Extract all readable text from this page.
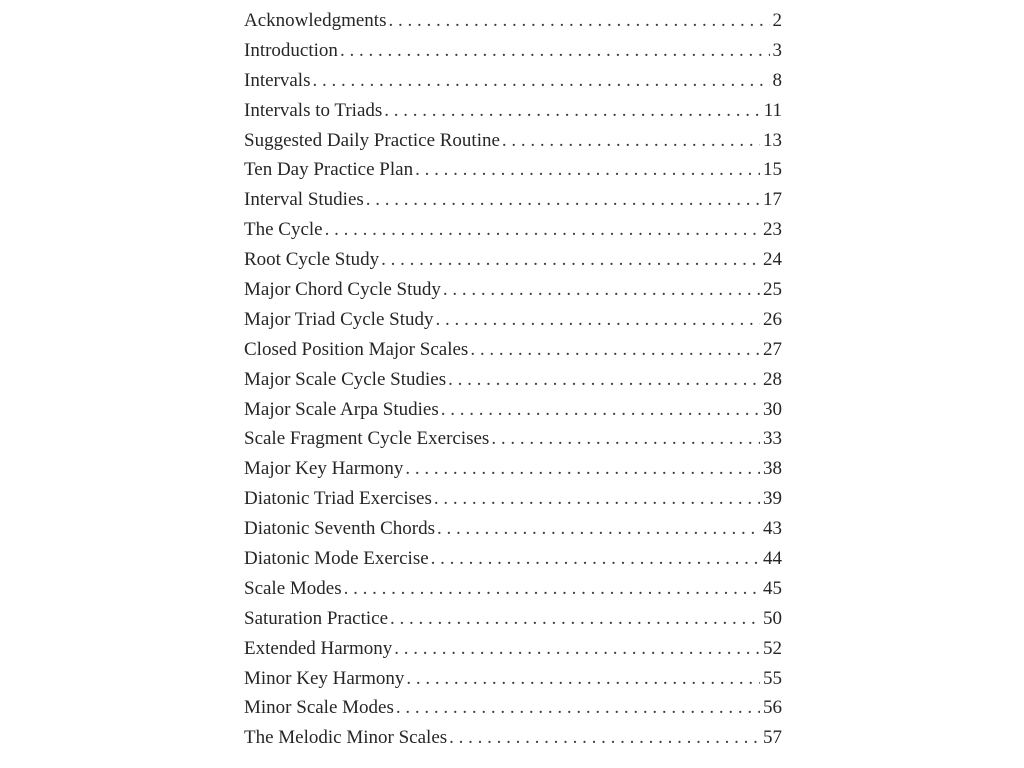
Acknowledgments . . .	2
Introduction . . .	3
Intervals . . .	8
Intervals to Triads . . .	11
Suggested Daily Practice Routine . . .	13
Ten Day Practice Plan . . .	15
Interval Studies . . .	17
The Cycle . . .	23
Root Cycle Study . . .	24
Major Chord Cycle Study . . .	25
Major Triad Cycle Study . . .	26
Closed Position Major Scales . . .	27
Major Scale Cycle Studies . . .	28
Major Scale Arpa Studies . . .	30
Scale Fragment Cycle Exercises . . .	33
Major Key Harmony . . .	38
Diatonic Triad Exercises . . .	39
Diatonic Seventh Chords . . .	43
Diatonic Mode Exercise . . .	44
Scale Modes . . .	45
Saturation Practice . . .	50
Extended Harmony . . .	52
Minor Key Harmony . . .	55
Minor Scale Modes . . .	56
The Melodic Minor Scales . . .	57
